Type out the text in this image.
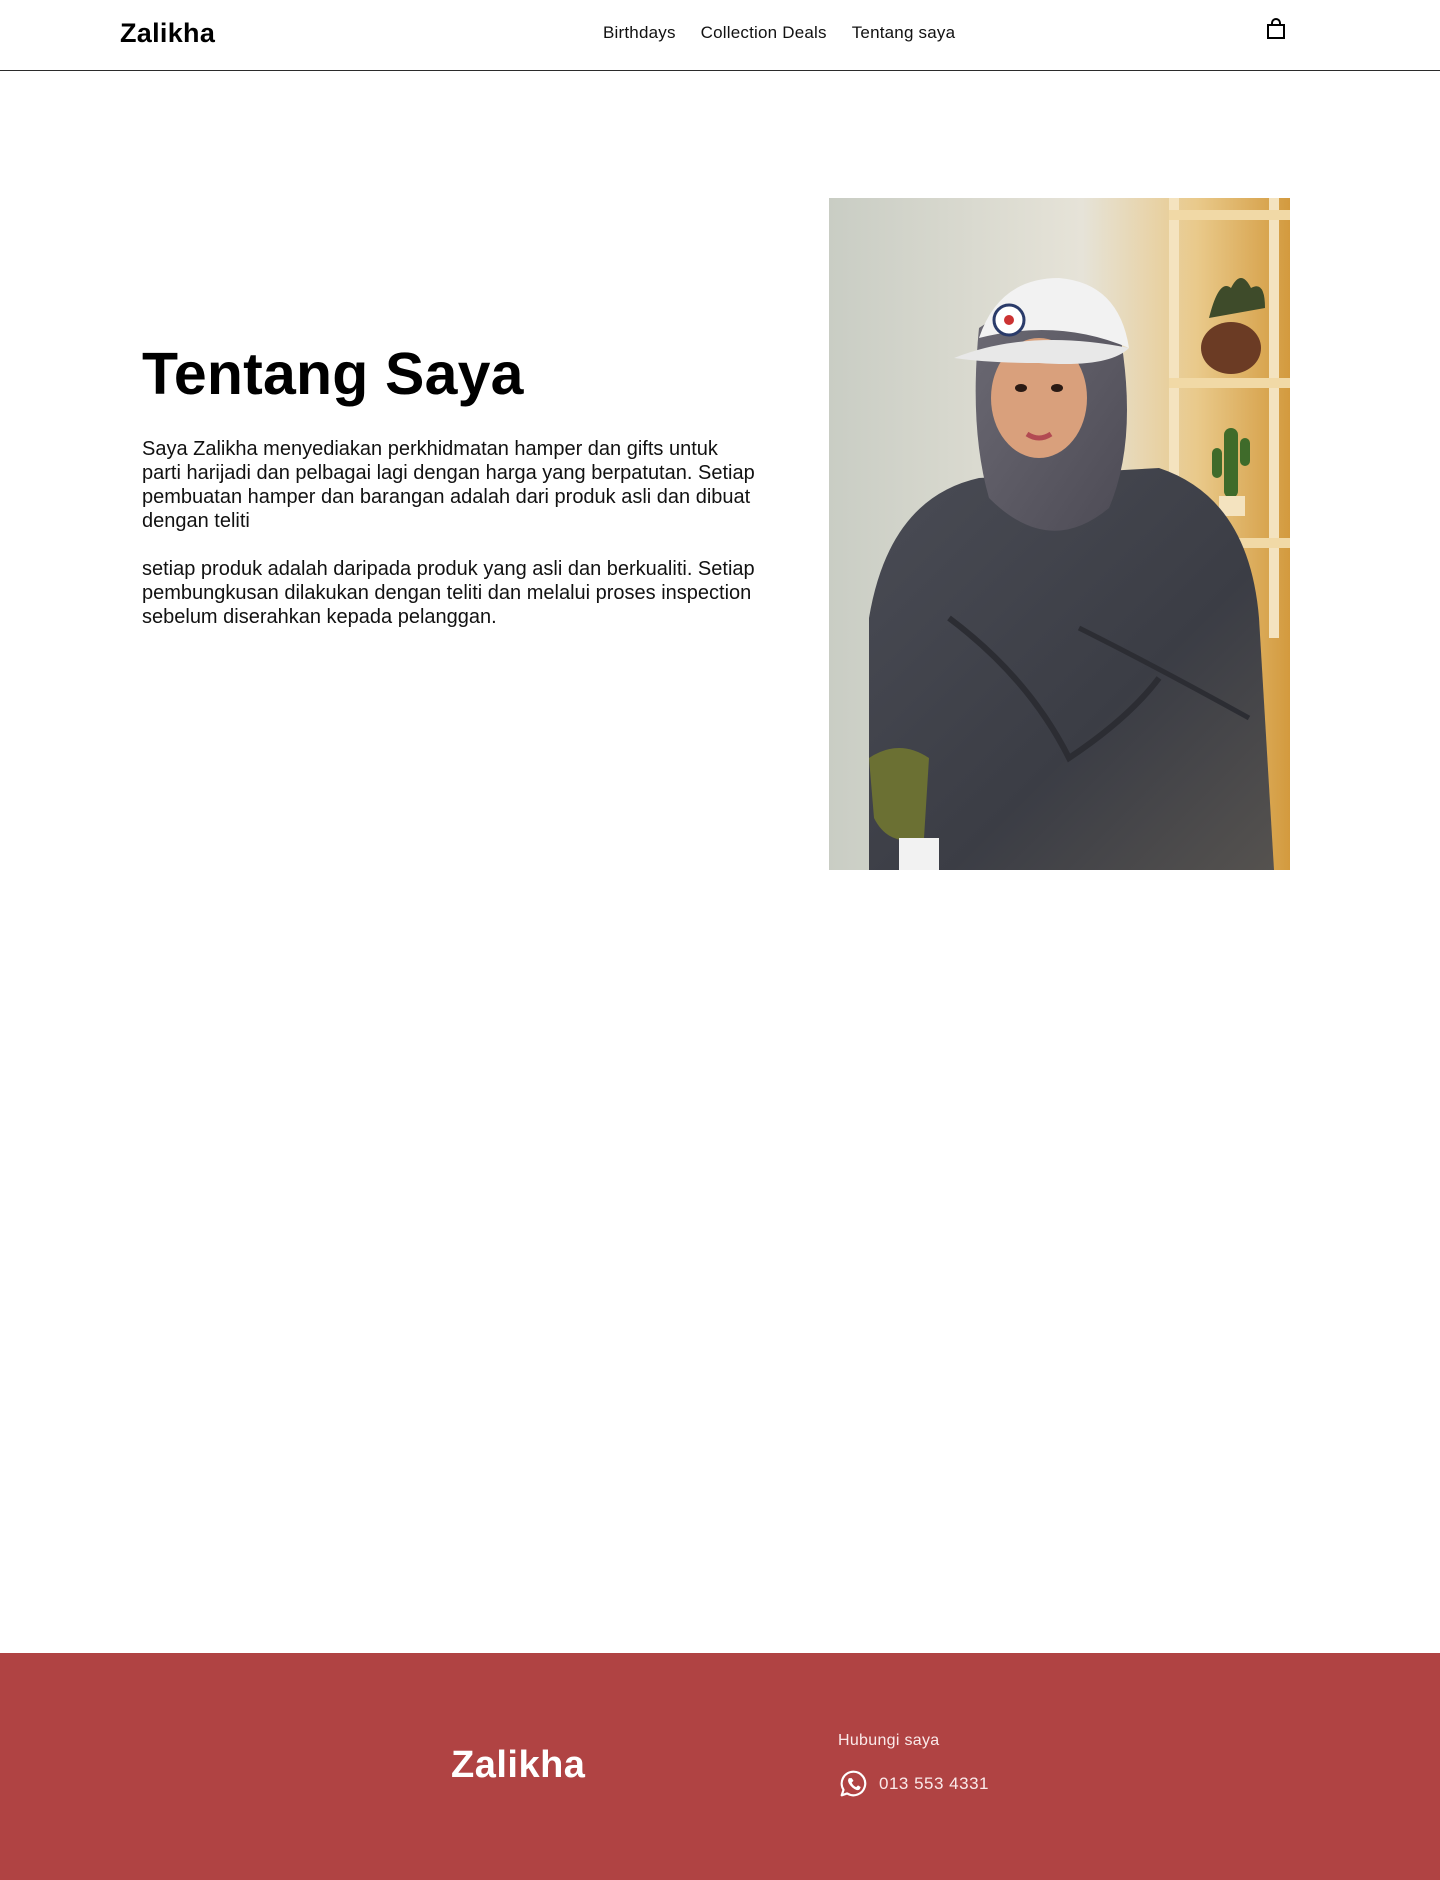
Zalikha	Birthdays Collection Deals Tentang saya
Tentang Saya

Saya Zalikha menyediakan perkhidmatan hamper dan gifts untuk parti harijadi dan pelbagai lagi dengan harga yang berpatutan. Setiap pembuatan hamper dan barangan adalah dari produk asli dan dibuat dengan teliti

setiap produk adalah daripada produk yang asli dan berkualiti. Setiap pembungkusan dilakukan dengan teliti dan melalui proses inspection sebelum diserahkan kepada pelanggan.

Zalikha
Hubungi saya
013 553 4331
